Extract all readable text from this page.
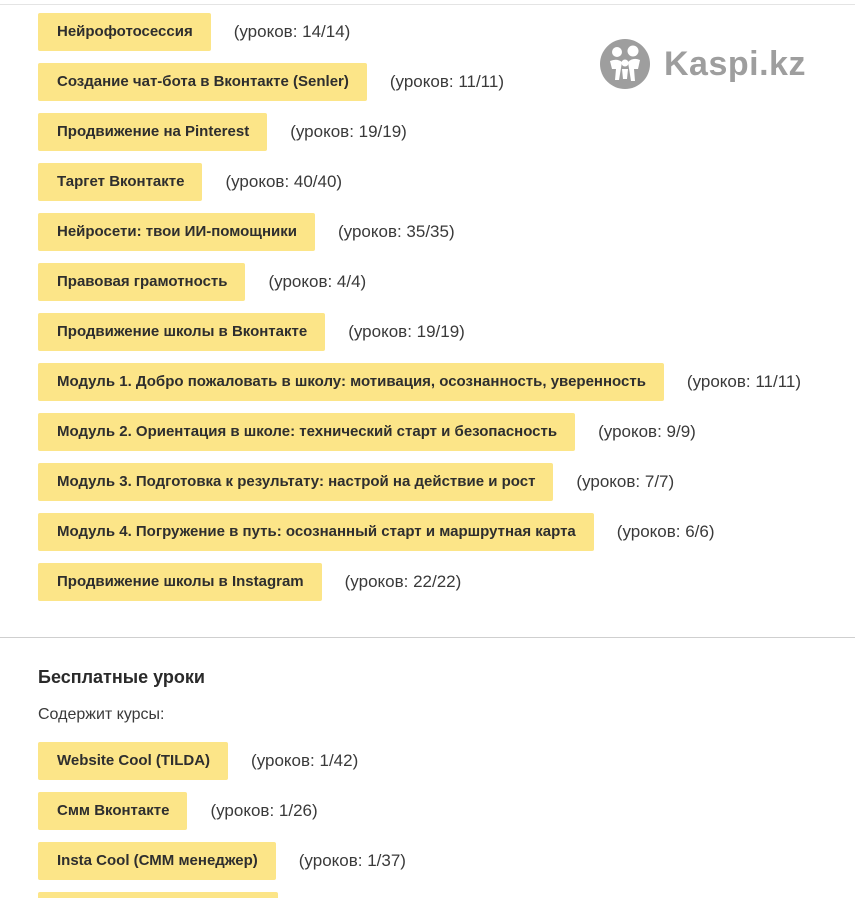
Нейрофотосессия	(уроков: 14/14)
Создание чат-бота в Вконтакте (Senler)	(уроков: 11/11)
Продвижение на Pinterest	(уроков: 19/19)
Таргет Вконтакте	(уроков: 40/40)
Нейросети: твои ИИ-помощники	(уроков: 35/35)
Правовая грамотность	(уроков: 4/4)
Продвижение школы в Вконтакте	(уроков: 19/19)
Модуль 1. Добро пожаловать в школу: мотивация, осознанность, уверенность	(уроков: 11/11)
Модуль 2. Ориентация в школе: технический старт и безопасность	(уроков: 9/9)
Модуль 3. Подготовка к результату: настрой на действие и рост	(уроков: 7/7)
Модуль 4. Погружение в путь: осознанный старт и маршрутная карта	(уроков: 6/6)
Продвижение школы в Instagram	(уроков: 22/22)
Kaspi.kz
Бесплатные уроки
Содержит курсы:
Website Cool (TILDA)	(уроков: 1/42)
Смм Вконтакте	(уроков: 1/26)
Insta Cool (СММ менеджер)	(уроков: 1/37)
